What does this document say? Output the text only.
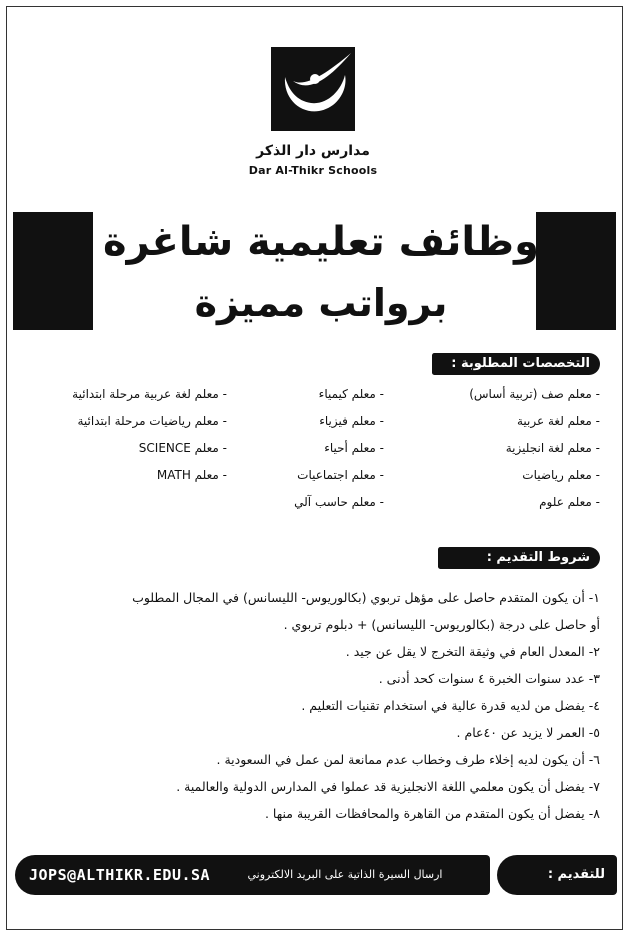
مدارس دار الذكر
Dar Al-Thikr Schools
وظائف تعليمية شاغرة
برواتب مميزة
التخصصات المطلوبة :
- معلم صف (تربية أساس)
- معلم لغة عربية
- معلم لغة انجليزية
- معلم رياضيات
- معلم علوم
- معلم كيمياء
- معلم فيزياء
- معلم أحياء
- معلم اجتماعيات
- معلم حاسب آلي
- معلم لغة عربية مرحلة ابتدائية
- معلم رياضيات مرحلة ابتدائية
- معلم SCIENCE
- معلم MATH
شروط التقديم :
١- أن يكون المتقدم حاصل على مؤهل تربوي (بكالوريوس- الليسانس) في المجال المطلوب
أو حاصل على درجة (بكالوريوس- الليسانس) + دبلوم تربوي .
٢- المعدل العام في وثيقة التخرج لا يقل عن جيد .
٣- عدد سنوات الخبرة ٤ سنوات كحد أدنى .
٤- يفضل من لديه قدرة عالية في استخدام تقنيات التعليم .
٥- العمر لا يزيد عن ٤٠عام .
٦- أن يكون لديه إخلاء طرف وخطاب عدم ممانعة لمن عمل في السعودية .
٧- يفضل أن يكون معلمي اللغة الانجليزية قد عملوا في المدارس الدولية والعالمية .
٨- يفضل أن يكون المتقدم من القاهرة والمحافظات القريبة منها .
JOPS@ALTHIKR.EDU.SA	ارسال السيرة الذاتية على البريد الالكتروني	للتقديم :
